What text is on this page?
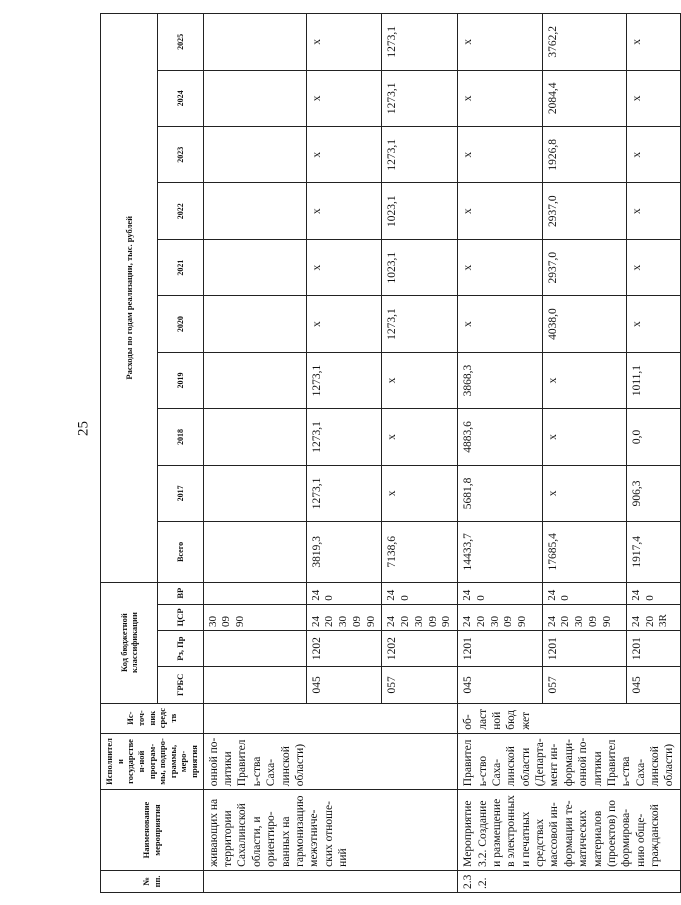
25
№ пп.	Наименование мероприятия	Исполнители государствен-ной програм-мы, подпро-граммы, меро-приятия	Ис-точ-ник средс тв	Код бюджетной классификации				Расходы по годам реализации, тыс. рублей									
				ГРБС	Рз, Пр	ЦСР	ВР	Всего	2017	2018	2019	2020	2021	2022	2023	2024	2025
	живающих на территории Сахалинской области, и ориентиро-ванных на гармонизацию межэтниче-ских отноше-ний	онной по-литики Правитель-ства Саха-линской области)				30 09 90											
				045	1202	24 20 30 09 90	24 0	3819,3	1273,1	1273,1	1273,1	x	x	x	x	x	x
				057	1202	24 20 30 09 90	24 0	7138,6	x	x	x	1273,1	1023,1	1023,1	1273,1	1273,1	1273,1
2.3.2.	Мероприятие 3.2. Создание и размещение в электронных и печатных средствах массовой ин-формации те-матических материалов (проектов) по формирова-нию обще-гражданской	Правитель-ство Саха-линской области (Департа-мент ин-формаци-онной по-литики Правитель-ства Саха-линской области)	об-ласт ной бюд жет	045	1201	24 20 30 09 90	24 0	14433,7	5681,8	4883,6	3868,3	x	x	x	x	x	x
				057	1201	24 20 30 09 90	24 0	17685,4	x	x	x	4038,0	2937,0	2937,0	1926,8	2084,4	3762,2
				045	1201	24 20 3R	24 0	1917,4	906,3	0,0	1011,1	x	x	x	x	x	x
